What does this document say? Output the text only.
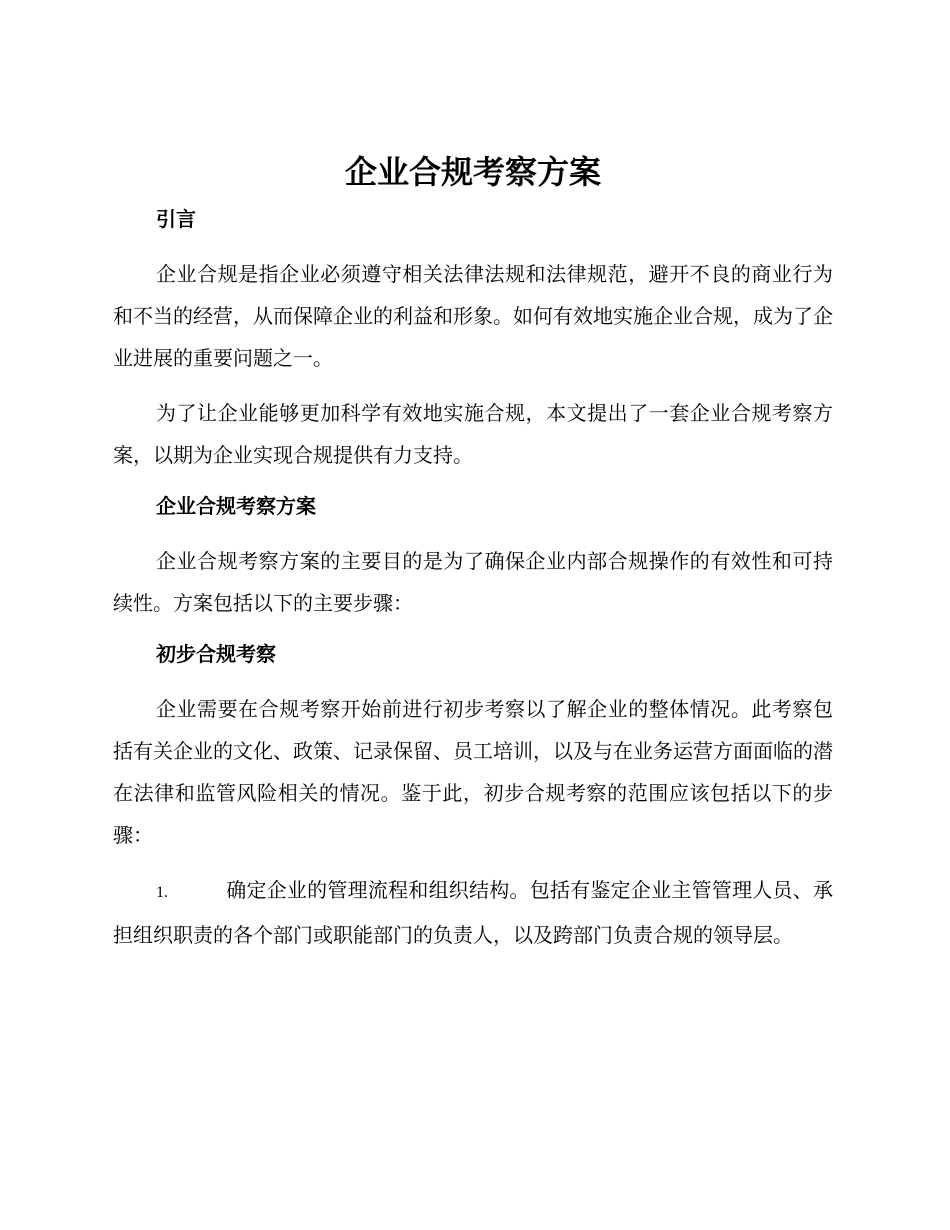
企业合规考察方案
引言

企业合规是指企业必须遵守相关法律法规和法律规范，避开不良的商业行为和不当的经营，从而保障企业的利益和形象。如何有效地实施企业合规，成为了企业进展的重要问题之一。

为了让企业能够更加科学有效地实施合规，本文提出了一套企业合规考察方案，以期为企业实现合规提供有力支持。

企业合规考察方案

企业合规考察方案的主要目的是为了确保企业内部合规操作的有效性和可持续性。方案包括以下的主要步骤：

初步合规考察

企业需要在合规考察开始前进行初步考察以了解企业的整体情况。此考察包括有关企业的文化、政策、记录保留、员工培训，以及与在业务运营方面面临的潜在法律和监管风险相关的情况。鉴于此，初步合规考察的范围应该包括以下的步骤：

1.	确定企业的管理流程和组织结构。包括有鉴定企业主管管理人员、承担组织职责的各个部门或职能部门的负责人，以及跨部门负责合规的领导层。
